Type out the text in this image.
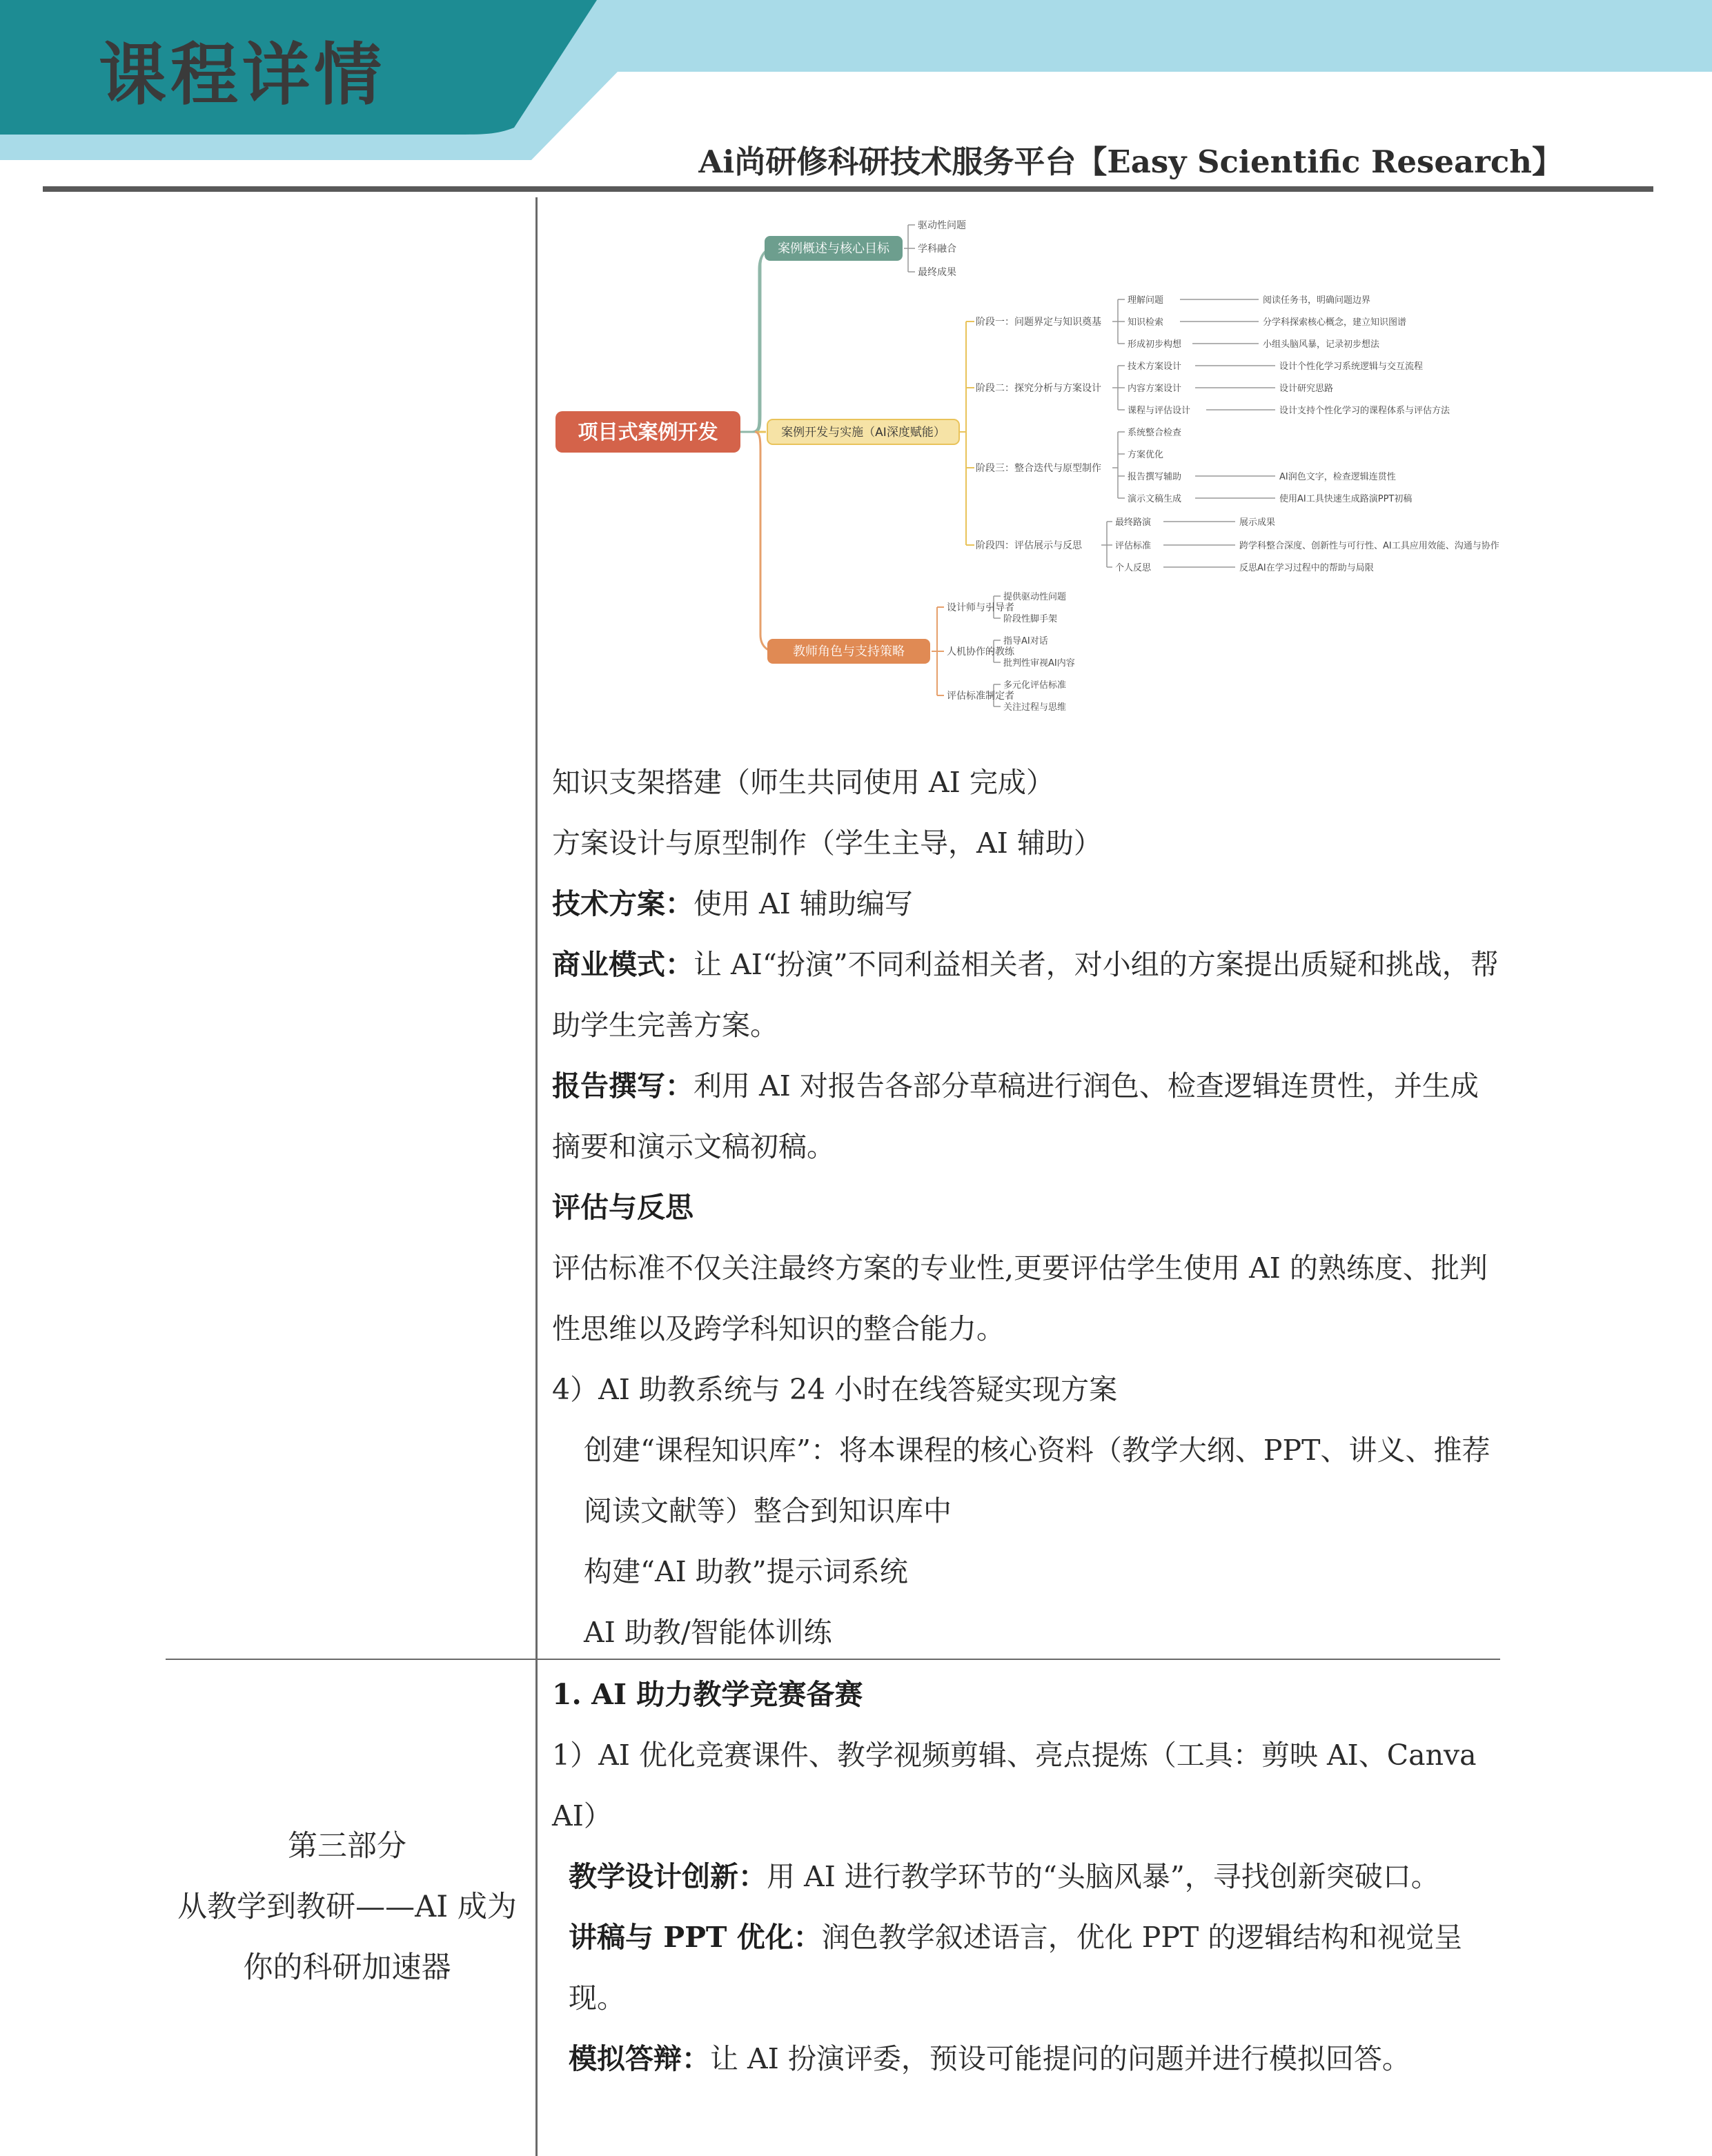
课程详情
Ai尚研修科研技术服务平台【Easy Scientific Research】
项目式案例开发
案例概述与核心目标
驱动性问题
学科融合
最终成果
案例开发与实施（AI深度赋能）
阶段一：问题界定与知识奠基
理解问题	阅读任务书，明确问题边界
知识检索	分学科探索核心概念，建立知识图谱
形成初步构想	小组头脑风暴，记录初步想法
阶段二：探究分析与方案设计
技术方案设计	设计个性化学习系统逻辑与交互流程
内容方案设计	设计研究思路
课程与评估设计	设计支持个性化学习的课程体系与评估方法
阶段三：整合迭代与原型制作
系统整合检查
方案优化
报告撰写辅助	AI润色文字，检查逻辑连贯性
演示文稿生成	使用AI工具快速生成路演PPT初稿
阶段四：评估展示与反思
最终路演	展示成果
评估标准	跨学科整合深度、创新性与可行性、AI工具应用效能、沟通与协作
个人反思	反思AI在学习过程中的帮助与局限
教师角色与支持策略
设计师与引导者
提供驱动性问题
阶段性脚手架
人机协作的教练
指导AI对话
批判性审视AI内容
评估标准制定者
多元化评估标准
关注过程与思维

知识支架搭建（师生共同使用 AI 完成）

方案设计与原型制作（学生主导，AI 辅助）

技术方案：使用 AI 辅助编写

商业模式：让 AI“扮演”不同利益相关者，对小组的方案提出质疑和挑战，帮助学生完善方案。

报告撰写：利用 AI 对报告各部分草稿进行润色、检查逻辑连贯性，并生成摘要和演示文稿初稿。

评估与反思

评估标准不仅关注最终方案的专业性,更要评估学生使用 AI 的熟练度、批判性思维以及跨学科知识的整合能力。

4）AI 助教系统与 24 小时在线答疑实现方案

创建“课程知识库”：将本课程的核心资料（教学大纲、PPT、讲义、推荐阅读文献等）整合到知识库中

构建“AI 助教”提示词系统

AI 助教/智能体训练

第三部分
从教学到教研——AI 成为
你的科研加速器

1. AI 助力教学竞赛备赛

1）AI 优化竞赛课件、教学视频剪辑、亮点提炼（工具：剪映 AI、Canva AI）

教学设计创新：用 AI 进行教学环节的“头脑风暴”，寻找创新突破口。

讲稿与 PPT 优化：润色教学叙述语言，优化 PPT 的逻辑结构和视觉呈现。

模拟答辩：让 AI 扮演评委，预设可能提问的问题并进行模拟回答。
